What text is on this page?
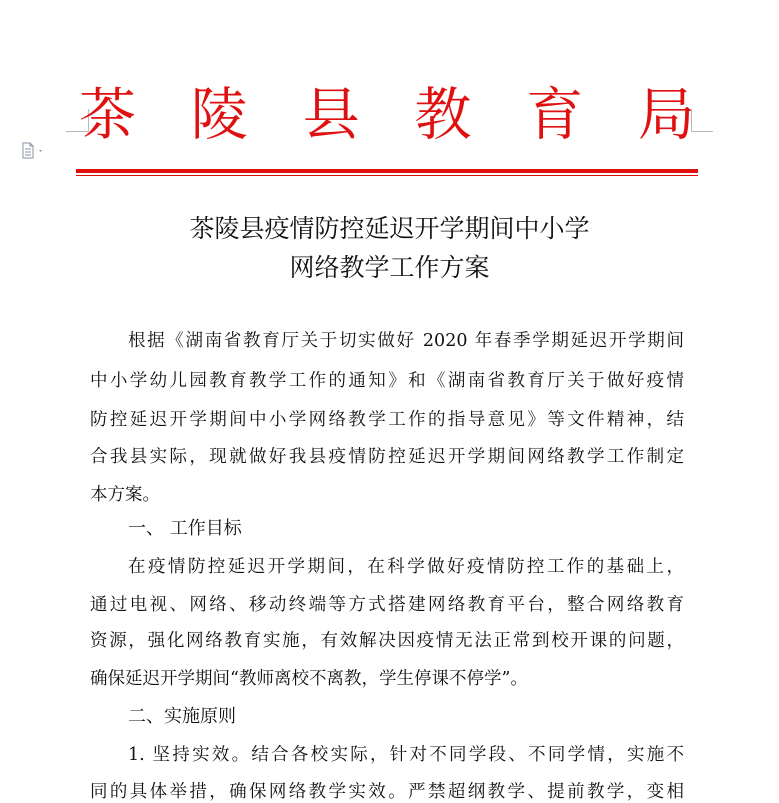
茶 陵 县 教 育 局
茶陵县疫情防控延迟开学期间中小学
网络教学工作方案
根据《湖南省教育厅关于切实做好 2020 年春季学期延迟开学期间
中小学幼儿园教育教学工作的通知》和《湖南省教育厅关于做好疫情
防控延迟开学期间中小学网络教学工作的指导意见》等文件精神，结
合我县实际，现就做好我县疫情防控延迟开学期间网络教学工作制定
本方案。
一、 工作目标
在疫情防控延迟开学期间，在科学做好疫情防控工作的基础上，
通过电视、网络、移动终端等方式搭建网络教育平台，整合网络教育
资源，强化网络教育实施，有效解决因疫情无法正常到校开课的问题，
确保延迟开学期间“教师离校不离教，学生停课不停学”。
二、实施原则
1. 坚持实效。结合各校实际，针对不同学段、不同学情，实施不
同的具体举措，确保网络教学实效。严禁超纲教学、提前教学，变相
